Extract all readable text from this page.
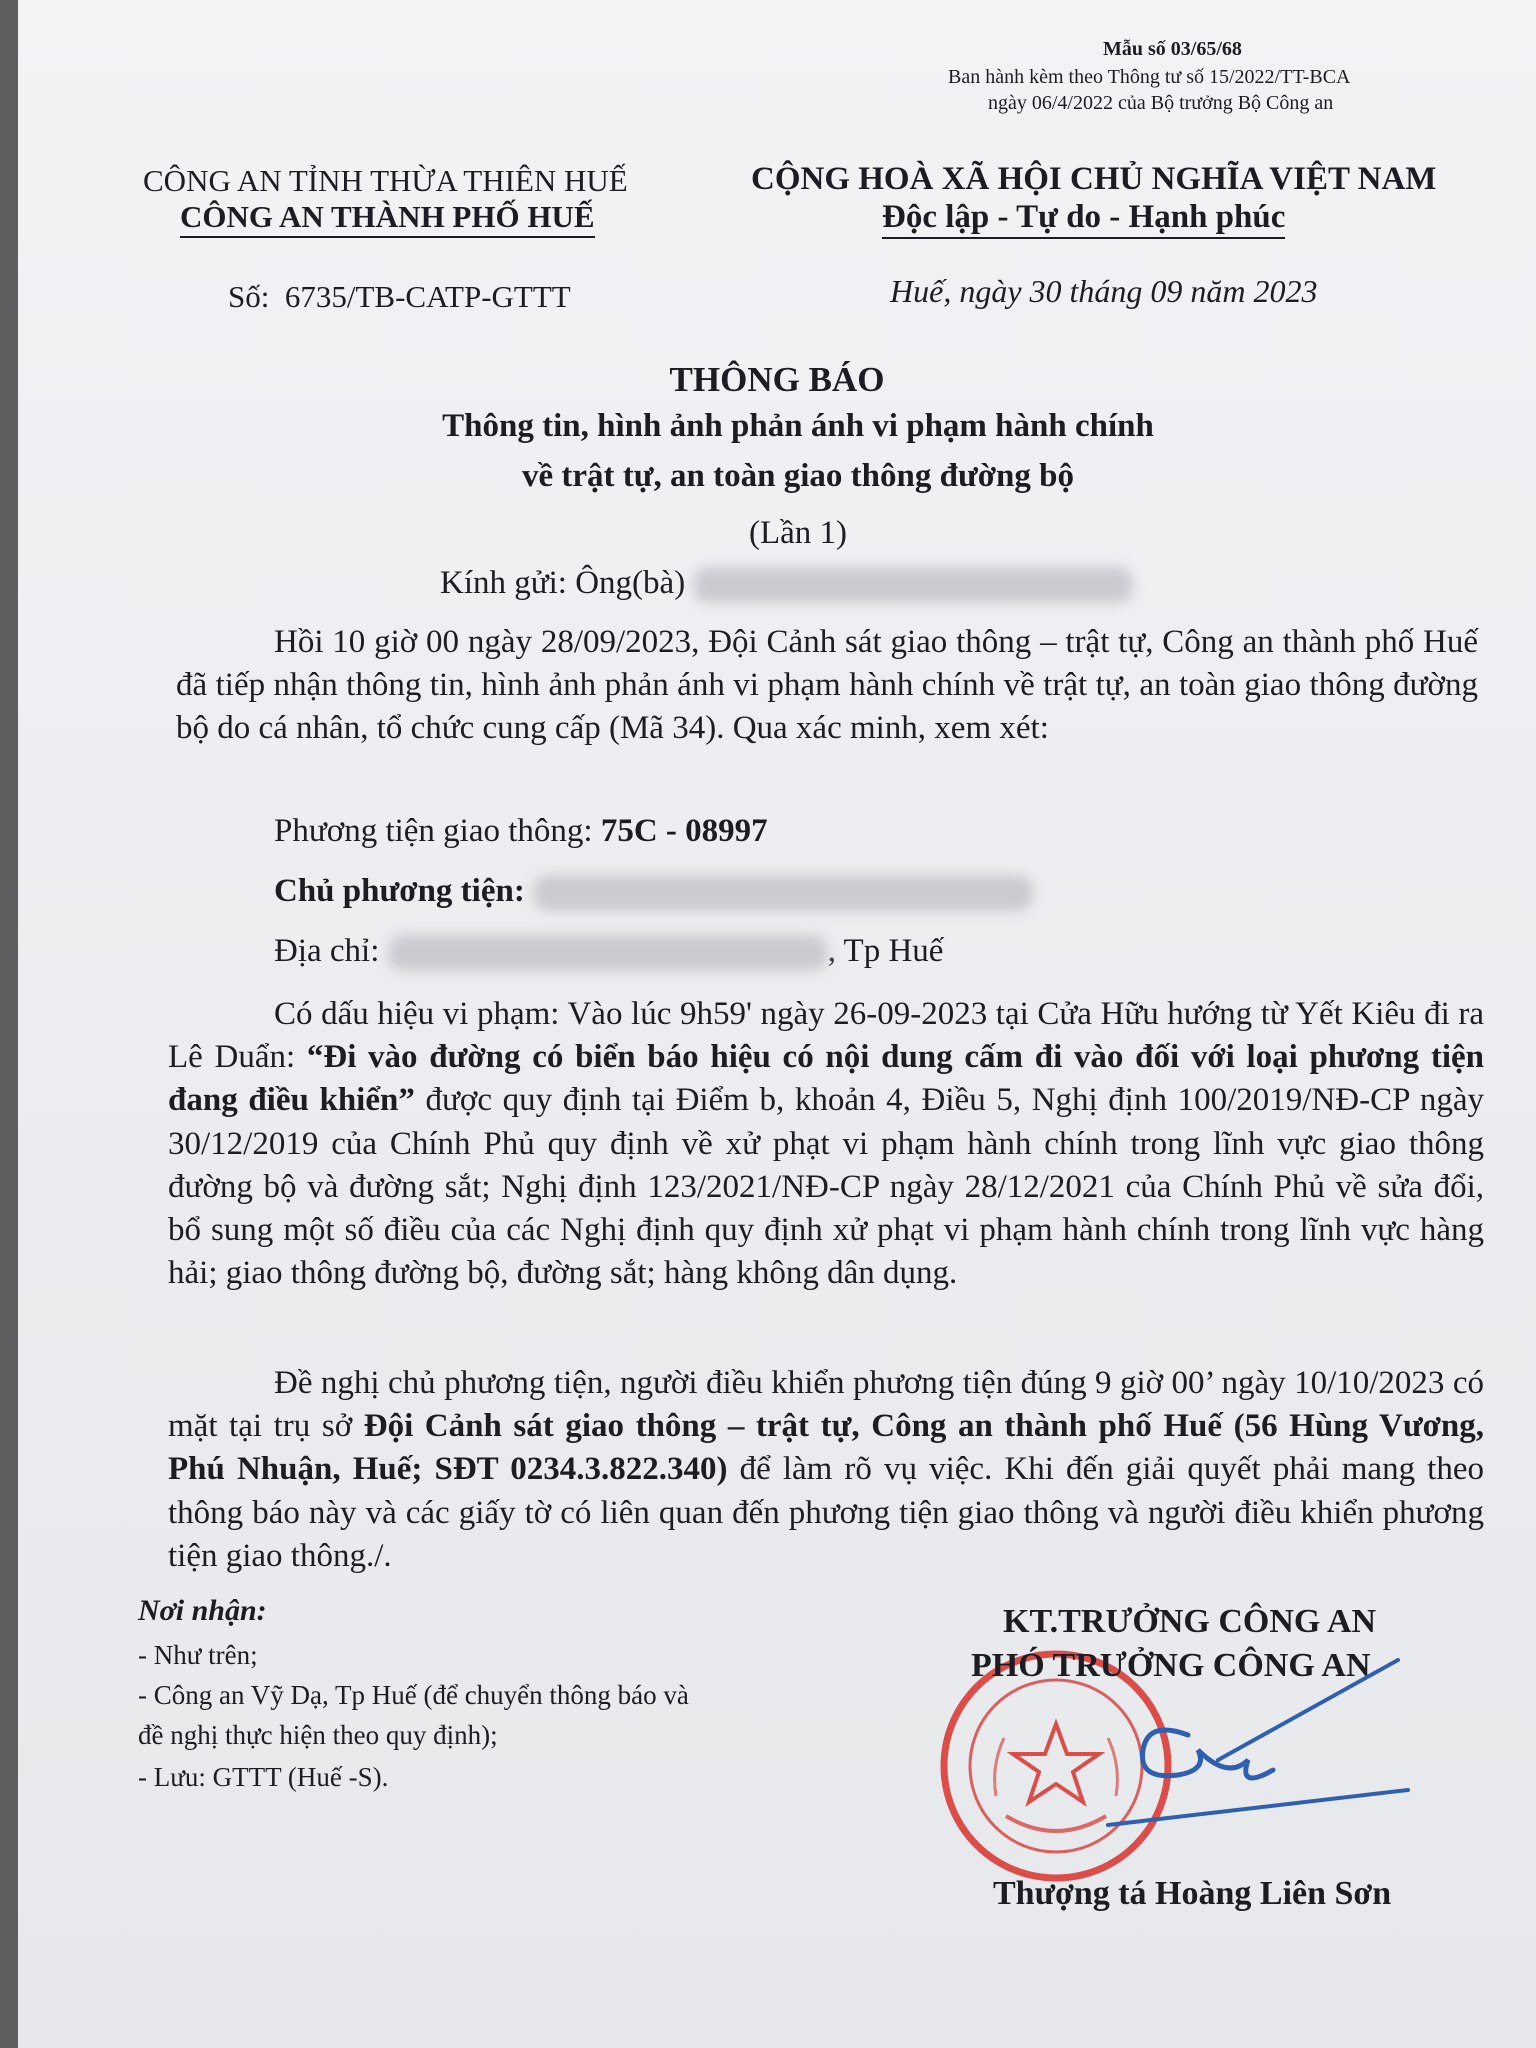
Mẫu số 03/65/68
Ban hành kèm theo Thông tư số 15/2022/TT-BCA
ngày 06/4/2022 của Bộ trưởng Bộ Công an
CÔNG AN TỈNH THỪA THIÊN HUẾ
CÔNG AN THÀNH PHỐ HUẾ
CỘNG HOÀ XÃ HỘI CHỦ NGHĨA VIỆT NAM
Độc lập - Tự do - Hạnh phúc
Số: 6735/TB-CATP-GTTT	Huế, ngày 30 tháng 09 năm 2023
THÔNG BÁO
Thông tin, hình ảnh phản ánh vi phạm hành chính
về trật tự, an toàn giao thông đường bộ
(Lần 1)
Kính gửi: Ông(bà)
Hồi 10 giờ 00 ngày 28/09/2023, Đội Cảnh sát giao thông – trật tự, Công an thành phố Huế đã tiếp nhận thông tin, hình ảnh phản ánh vi phạm hành chính về trật tự, an toàn giao thông đường bộ do cá nhân, tổ chức cung cấp (Mã 34). Qua xác minh, xem xét:
Phương tiện giao thông: 75C - 08997
Chủ phương tiện:
Địa chỉ:	, Tp Huế
Có dấu hiệu vi phạm: Vào lúc 9h59' ngày 26-09-2023 tại Cửa Hữu hướng từ Yết Kiêu đi ra Lê Duẩn: “Đi vào đường có biển báo hiệu có nội dung cấm đi vào đối với loại phương tiện đang điều khiển” được quy định tại Điểm b, khoản 4, Điều 5, Nghị định 100/2019/NĐ-CP ngày 30/12/2019 của Chính Phủ quy định về xử phạt vi phạm hành chính trong lĩnh vực giao thông đường bộ và đường sắt; Nghị định 123/2021/NĐ-CP ngày 28/12/2021 của Chính Phủ về sửa đổi, bổ sung một số điều của các Nghị định quy định xử phạt vi phạm hành chính trong lĩnh vực hàng hải; giao thông đường bộ, đường sắt; hàng không dân dụng.
Đề nghị chủ phương tiện, người điều khiển phương tiện đúng 9 giờ 00’ ngày 10/10/2023 có mặt tại trụ sở Đội Cảnh sát giao thông – trật tự, Công an thành phố Huế (56 Hùng Vương, Phú Nhuận, Huế; SĐT 0234.3.822.340) để làm rõ vụ việc. Khi đến giải quyết phải mang theo thông báo này và các giấy tờ có liên quan đến phương tiện giao thông và người điều khiển phương tiện giao thông./.
Nơi nhận:
- Như trên;
- Công an Vỹ Dạ, Tp Huế (để chuyển thông báo và
đề nghị thực hiện theo quy định);
- Lưu: GTTT (Huế -S).
KT.TRƯỞNG CÔNG AN
PHÓ TRƯỞNG CÔNG AN
Thượng tá Hoàng Liên Sơn
